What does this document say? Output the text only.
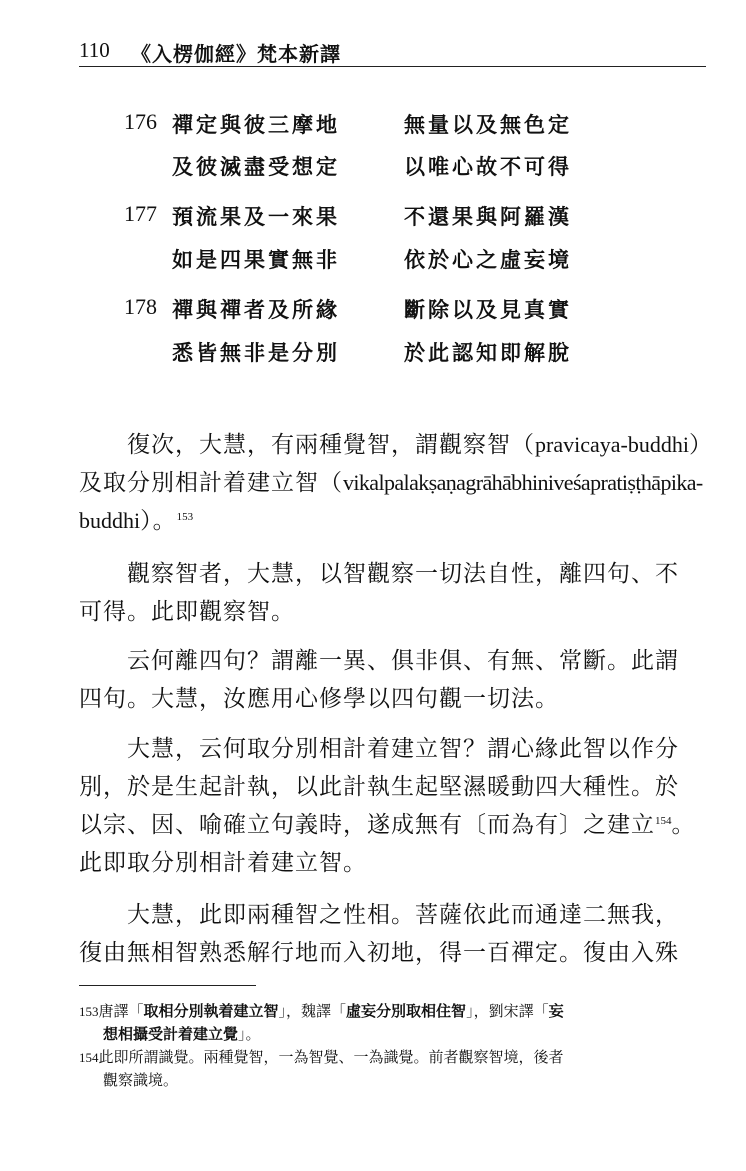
110 《入楞伽經》梵本新譯
176 禪定與彼三摩地	無量以及無色定
及彼滅盡受想定	以唯心故不可得
177 預流果及一來果	不還果與阿羅漢
如是四果實無非	依於心之虛妄境
178 禪與禪者及所緣	斷除以及見真實
悉皆無非是分別	於此認知即解脫
　　復次，大慧，有兩種覺智，謂觀察智（pravicaya-buddhi）
及取分別相計着建立智（vikalpalakṣaṇagrāhābhiniveśapratiṣṭhāpika-
buddhi）。$^{153}$
　　觀察智者，大慧，以智觀察一切法自性，離四句、不
可得。此即觀察智。
　　云何離四句？謂離一異、俱非俱、有無、常斷。此謂
四句。大慧，汝應用心修學以四句觀一切法。
　　大慧，云何取分別相計着建立智？謂心緣此智以作分
別，於是生起計執，以此計執生起堅濕暖動四大種性。於
以宗、因、喻確立句義時，遂成無有〔而為有〕之建立$^{154}$。
此即取分別相計着建立智。
　　大慧，此即兩種智之性相。菩薩依此而通達二無我，
復由無相智熟悉解行地而入初地，得一百禪定。復由入殊
153唐譯「取相分別執着建立智」，魏譯「虛妄分別取相住智」，劉宋譯「妄
想相攝受計着建立覺」。
154此即所謂識覺。兩種覺智，一為智覺、一為識覺。前者觀察智境，後者
觀察識境。
